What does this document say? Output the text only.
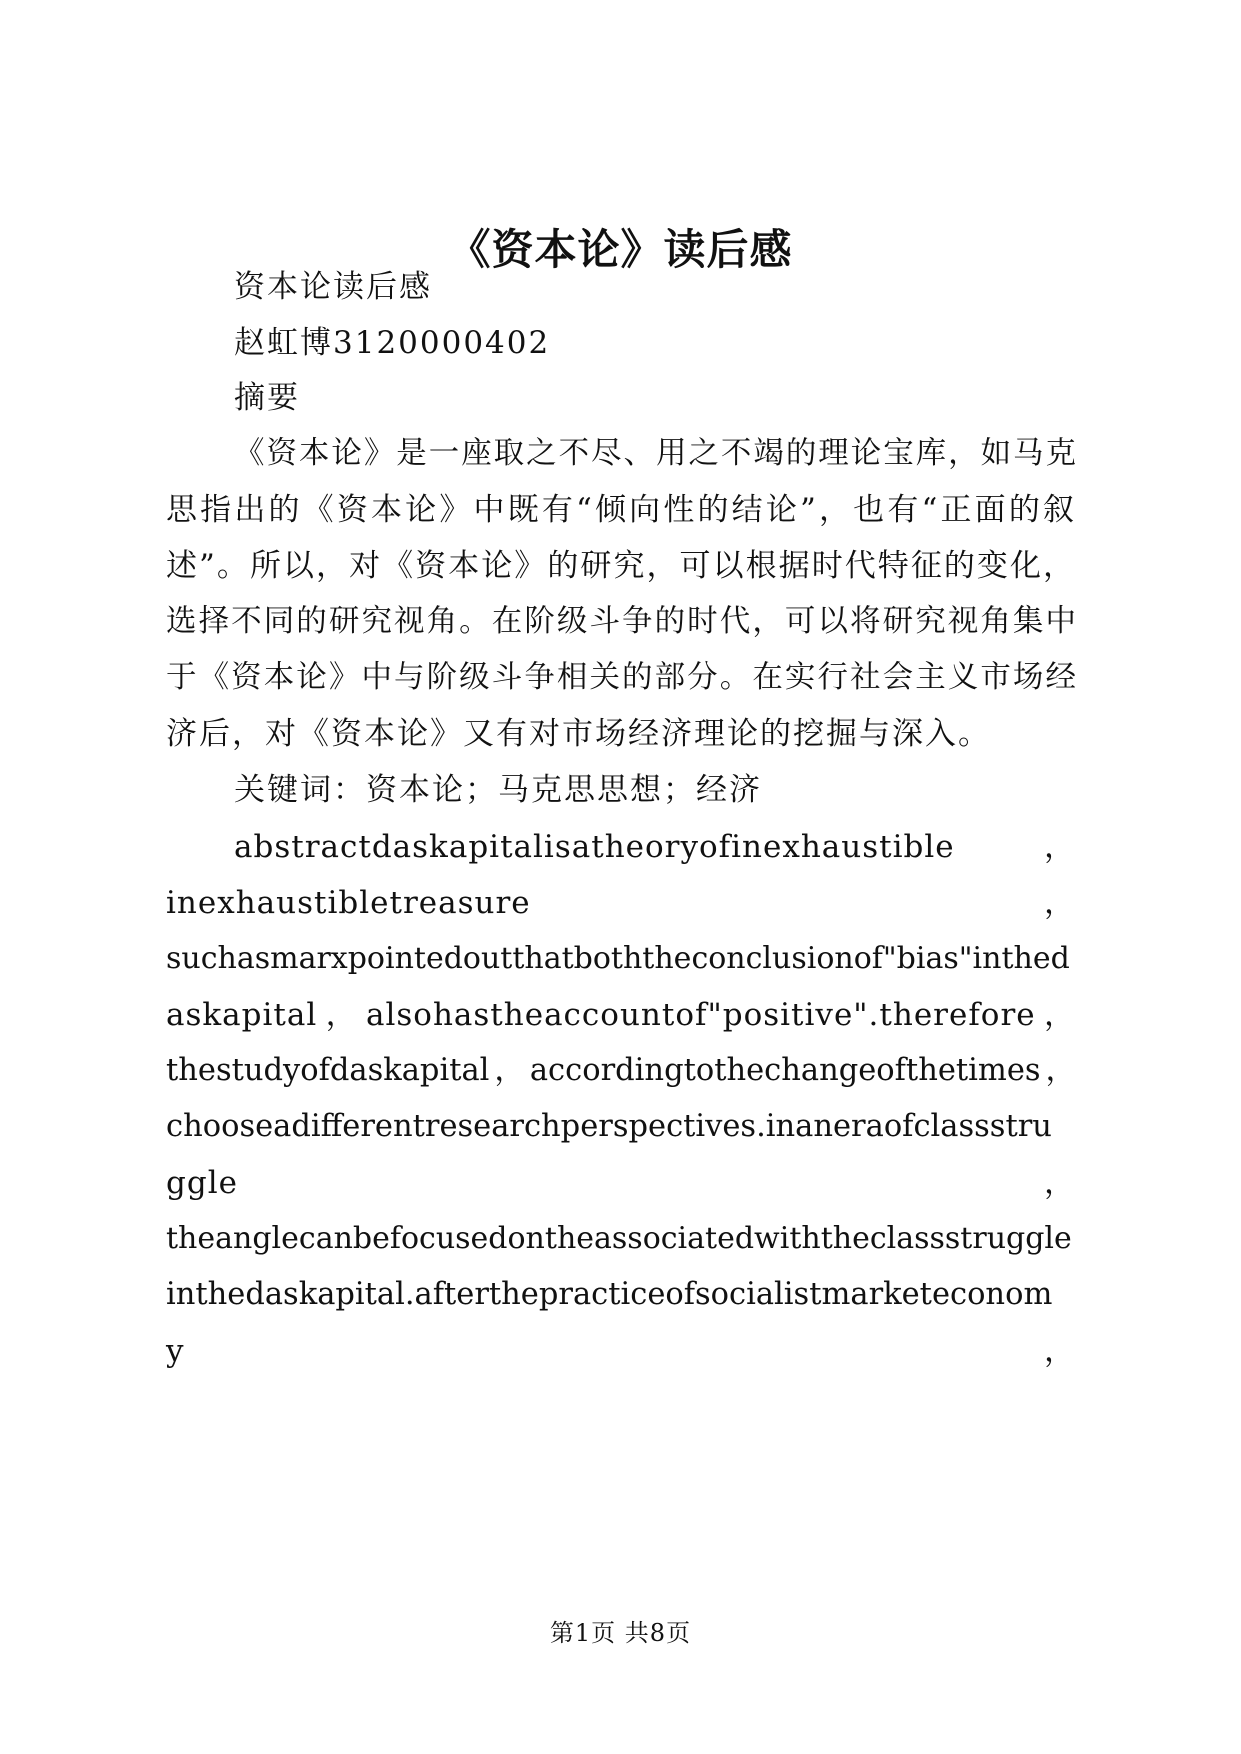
《资本论》读后感
资本论读后感
赵虹博3120000402
摘要
《资本论》是一座取之不尽、用之不竭的理论宝库，如马克
思指出的《资本论》中既有“倾向性的结论”，也有“正面的叙
述”。所以，对《资本论》的研究，可以根据时代特征的变化，
选择不同的研究视角。在阶级斗争的时代，可以将研究视角集中
于《资本论》中与阶级斗争相关的部分。在实行社会主义市场经
济后，对《资本论》又有对市场经济理论的挖掘与深入。
关键词：资本论；马克思思想；经济
abstractdaskapitalisatheoryofinexhaustible	，
inexhaustibletreasure	，
suchasmarxpointedoutthatboththeconclusionof"bias"inthed
askapital，alsohastheaccountof"positive".therefore，
thestudyofdaskapital，accordingtothechangeofthetimes，
chooseadifferentresearchperspectives.inaneraofclassstru
ggle	，
theanglecanbefocusedontheassociatedwiththeclassstruggle
inthedaskapital.afterthepracticeofsocialistmarketeconom
y	，
第1页 共8页
